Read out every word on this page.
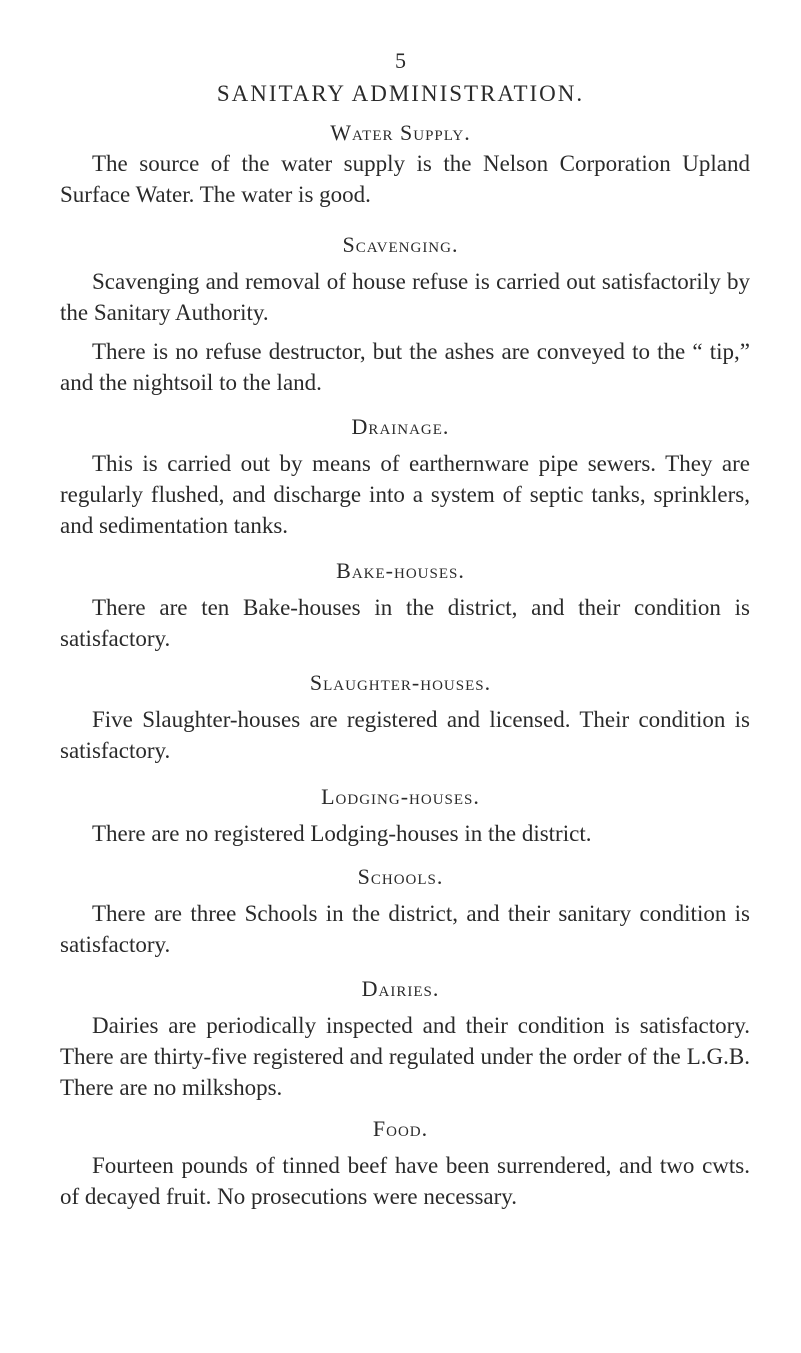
5
SANITARY ADMINISTRATION.
Water Supply.

The source of the water supply is the Nelson Corporation Upland Surface Water. The water is good.

Scavenging.

Scavenging and removal of house refuse is carried out satisfactorily by the Sanitary Authority.

There is no refuse destructor, but the ashes are conveyed to the “ tip,” and the nightsoil to the land.

Drainage.

This is carried out by means of earthernware pipe sewers. They are regularly flushed, and discharge into a system of septic tanks, sprinklers, and sedimentation tanks.

Bake-houses.

There are ten Bake-houses in the district, and their condition is satisfactory.

Slaughter-houses.

Five Slaughter-houses are registered and licensed. Their condition is satisfactory.

Lodging-houses.

There are no registered Lodging-houses in the district.

Schools.

There are three Schools in the district, and their sanitary condition is satisfactory.

Dairies.

Dairies are periodically inspected and their condition is satisfactory. There are thirty-five registered and regulated under the order of the L.G.B. There are no milkshops.

Food.

Fourteen pounds of tinned beef have been surrendered, and two cwts. of decayed fruit. No prosecutions were necessary.
